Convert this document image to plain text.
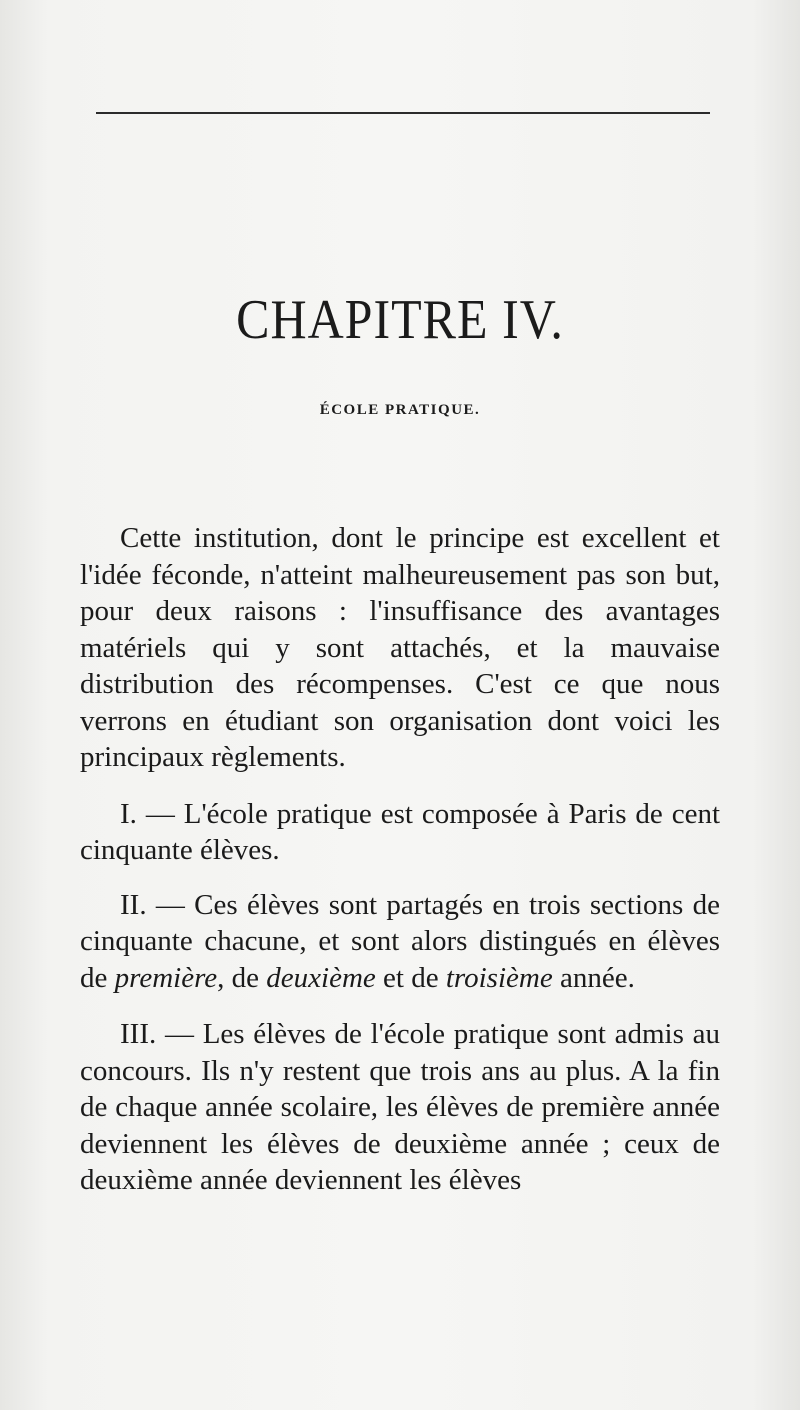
CHAPITRE IV.
ÉCOLE PRATIQUE.

Cette institution, dont le principe est excellent et l'idée féconde, n'atteint malheureusement pas son but, pour deux raisons : l'insuffisance des avantages matériels qui y sont attachés, et la mauvaise distribution des récompenses. C'est ce que nous verrons en étudiant son organisation dont voici les principaux règlements.

I. — L'école pratique est composée à Paris de cent cinquante élèves.

II. — Ces élèves sont partagés en trois sections de cinquante chacune, et sont alors distingués en élèves de première, de deuxième et de troisième année.

III. — Les élèves de l'école pratique sont admis au concours. Ils n'y restent que trois ans au plus. A la fin de chaque année scolaire, les élèves de première année deviennent les élèves de deuxième année ; ceux de deuxième année deviennent les élèves
